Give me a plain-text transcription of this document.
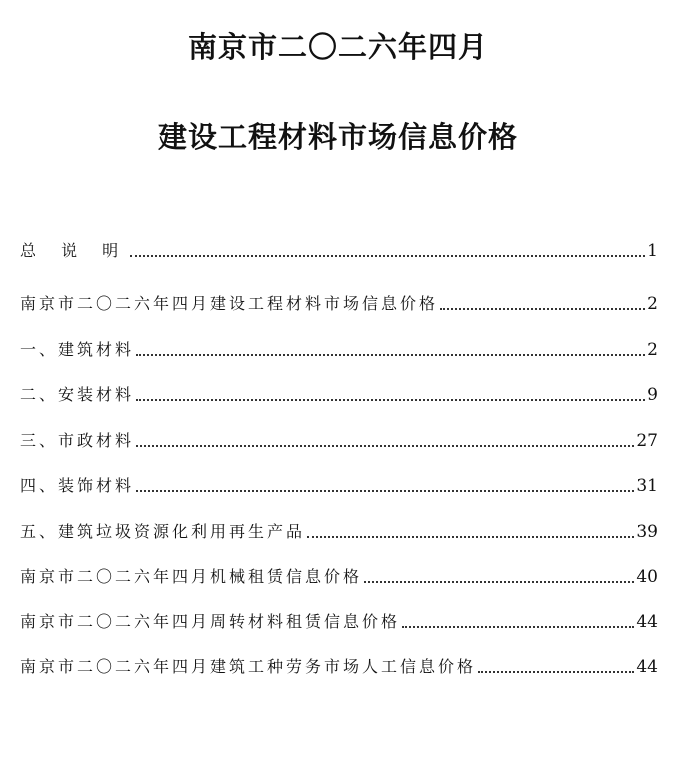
南京市二〇二六年四月
建设工程材料市场信息价格
总 说 明	1
南京市二〇二六年四月建设工程材料市场信息价格	2
一、建筑材料	2
二、安装材料	9
三、市政材料	27
四、装饰材料	31
五、建筑垃圾资源化利用再生产品	39
南京市二〇二六年四月机械租赁信息价格	40
南京市二〇二六年四月周转材料租赁信息价格	44
南京市二〇二六年四月建筑工种劳务市场人工信息价格	44
